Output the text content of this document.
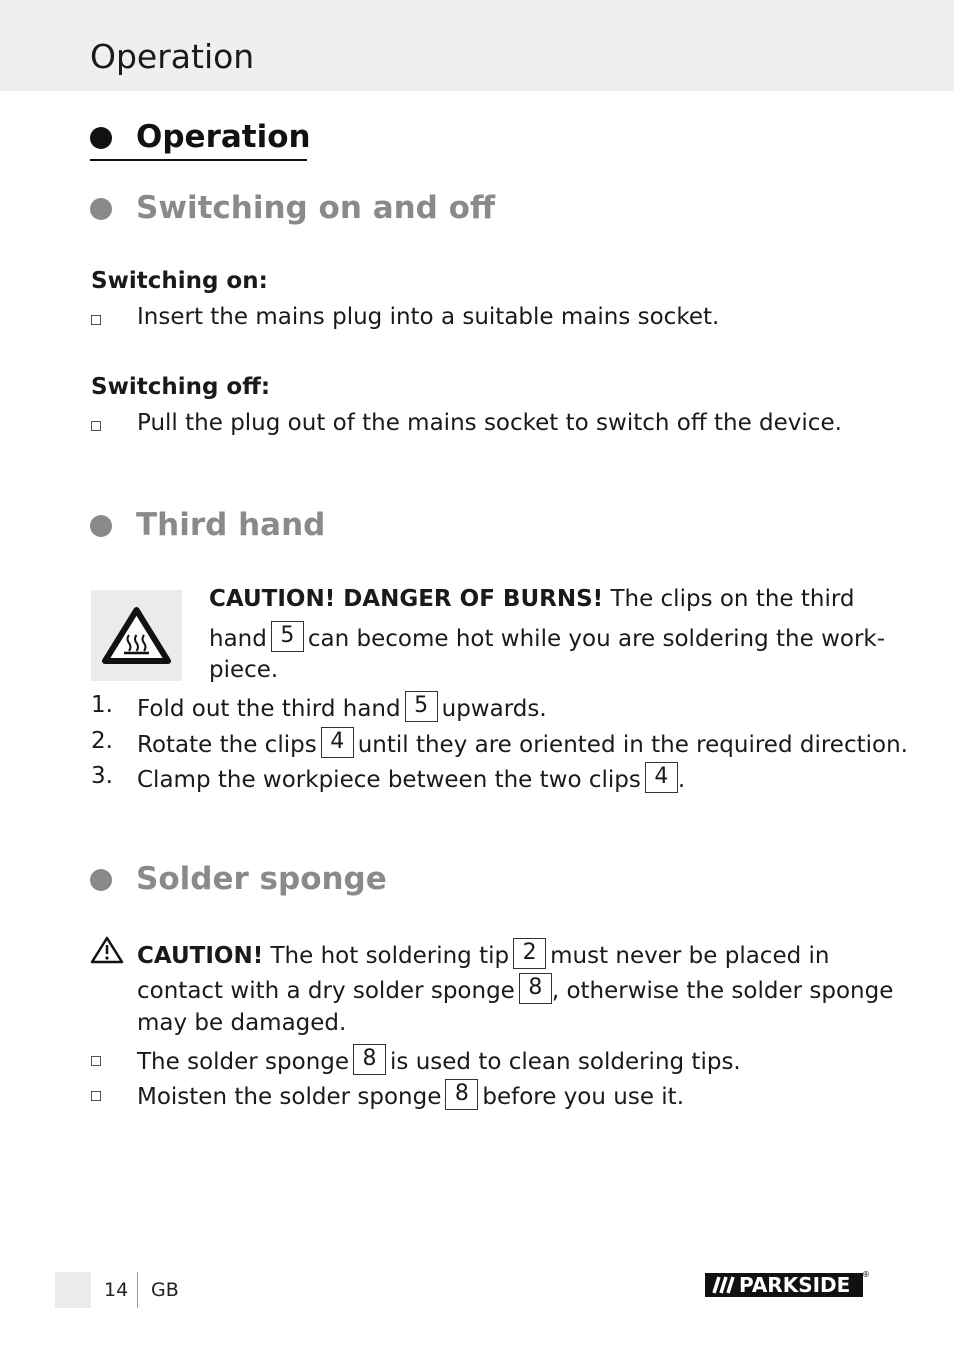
Operation
Operation
Switching on and off
Switching on:
Insert the mains plug into a suitable mains socket.
Switching off:
Pull the plug out of the mains socket to switch off the device.
Third hand
CAUTION! DANGER OF BURNS! The clips on the third
hand 5 can become hot while you are soldering the work-
piece.
1. Fold out the third hand 5 upwards.
2. Rotate the clips 4 until they are oriented in the required direction.
3. Clamp the workpiece between the two clips 4 .
Solder sponge
CAUTION! The hot soldering tip 2 must never be placed in
contact with a dry solder sponge 8 , otherwise the solder sponge
may be damaged.
The solder sponge 8 is used to clean soldering tips.
Moisten the solder sponge 8 before you use it.
14 GB	PARKSIDE ®
